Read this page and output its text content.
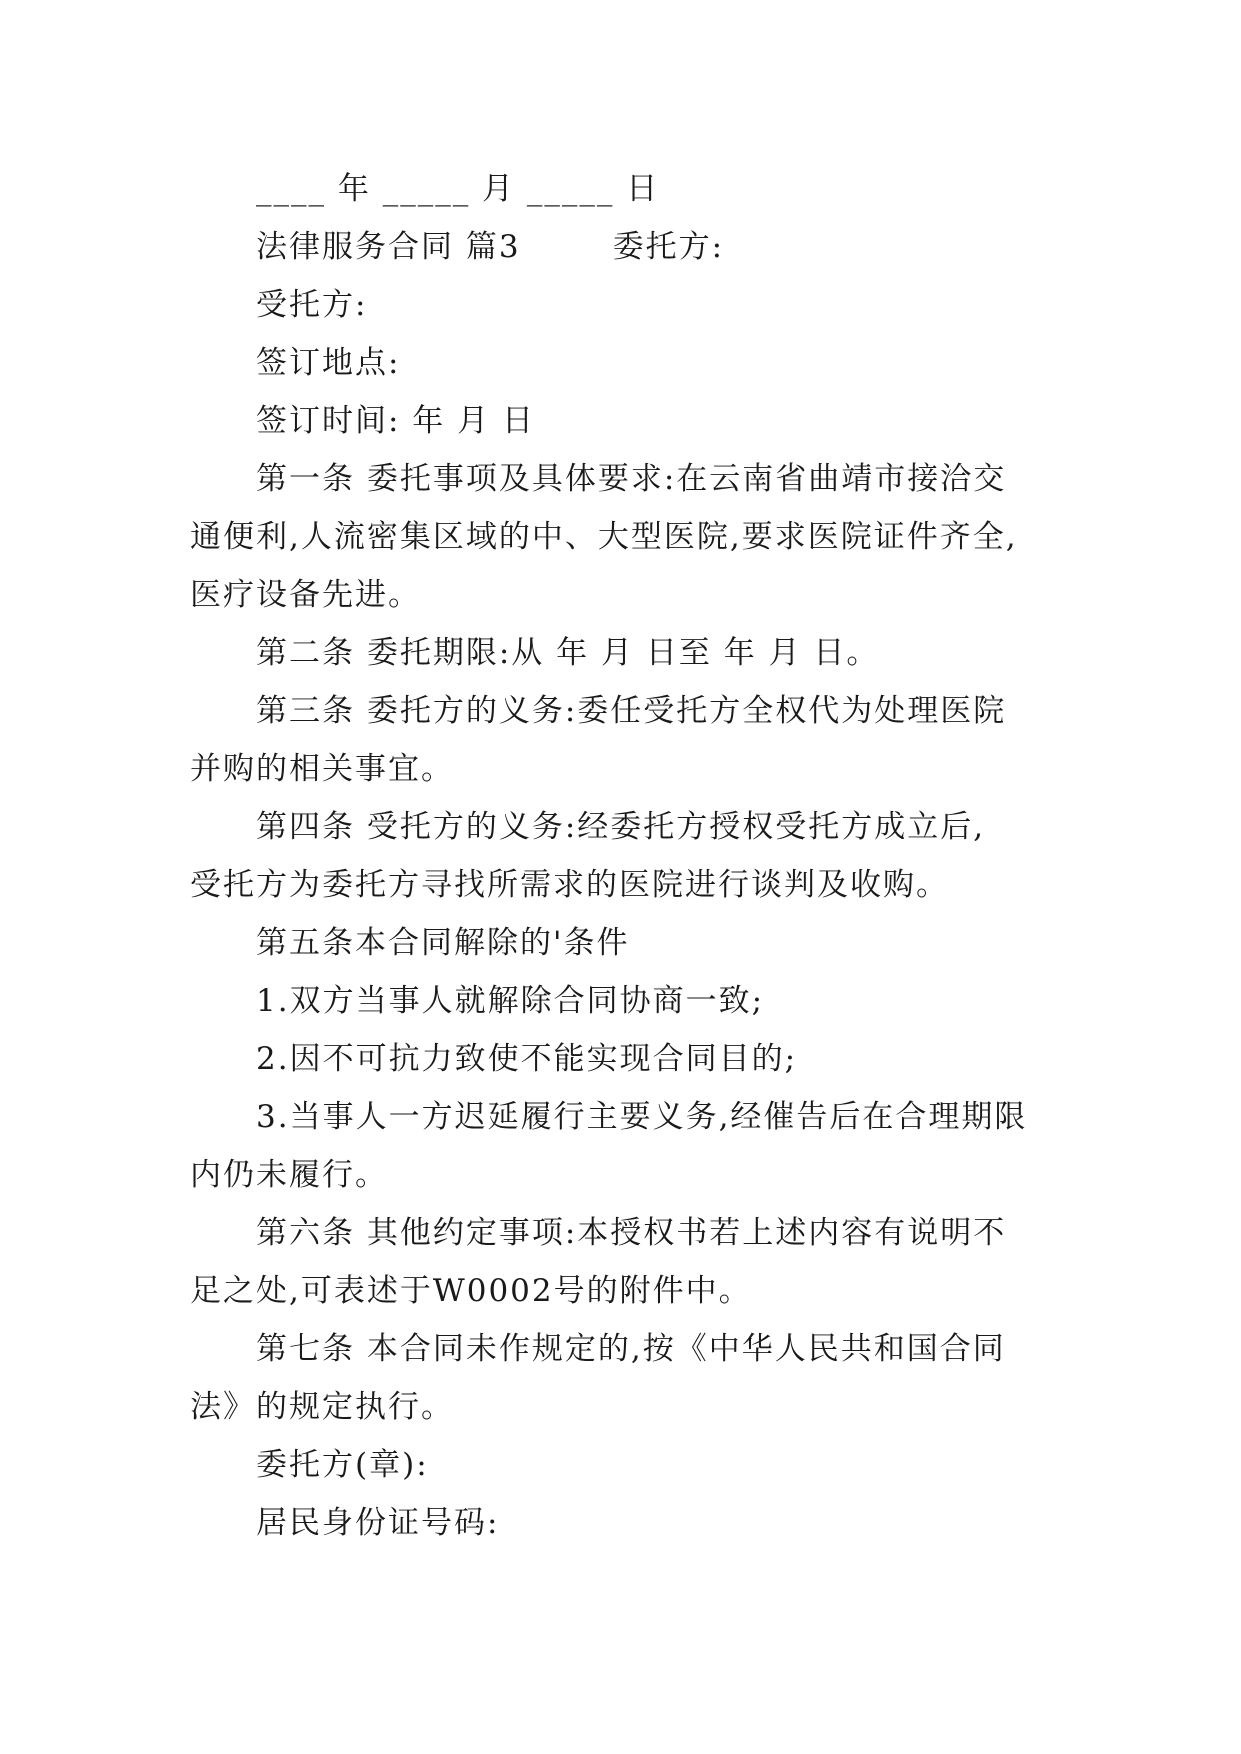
____ 年 _____ 月 _____ 日
法律服务合同 篇3	委托方:
受托方:
签订地点:
签订时间: 年 月 日
第一条 委托事项及具体要求:在云南省曲靖市接洽交
通便利,人流密集区域的中、大型医院,要求医院证件齐全,
医疗设备先进。
第二条 委托期限:从 年 月 日至 年 月 日。
第三条 委托方的义务:委任受托方全权代为处理医院
并购的相关事宜。
第四条 受托方的义务:经委托方授权受托方成立后,
受托方为委托方寻找所需求的医院进行谈判及收购。
第五条本合同解除的'条件
1.双方当事人就解除合同协商一致;
2.因不可抗力致使不能实现合同目的;
3.当事人一方迟延履行主要义务,经催告后在合理期限
内仍未履行。
第六条 其他约定事项:本授权书若上述内容有说明不
足之处,可表述于W0002号的附件中。
第七条 本合同未作规定的,按《中华人民共和国合同
法》的规定执行。
委托方(章):
居民身份证号码:
